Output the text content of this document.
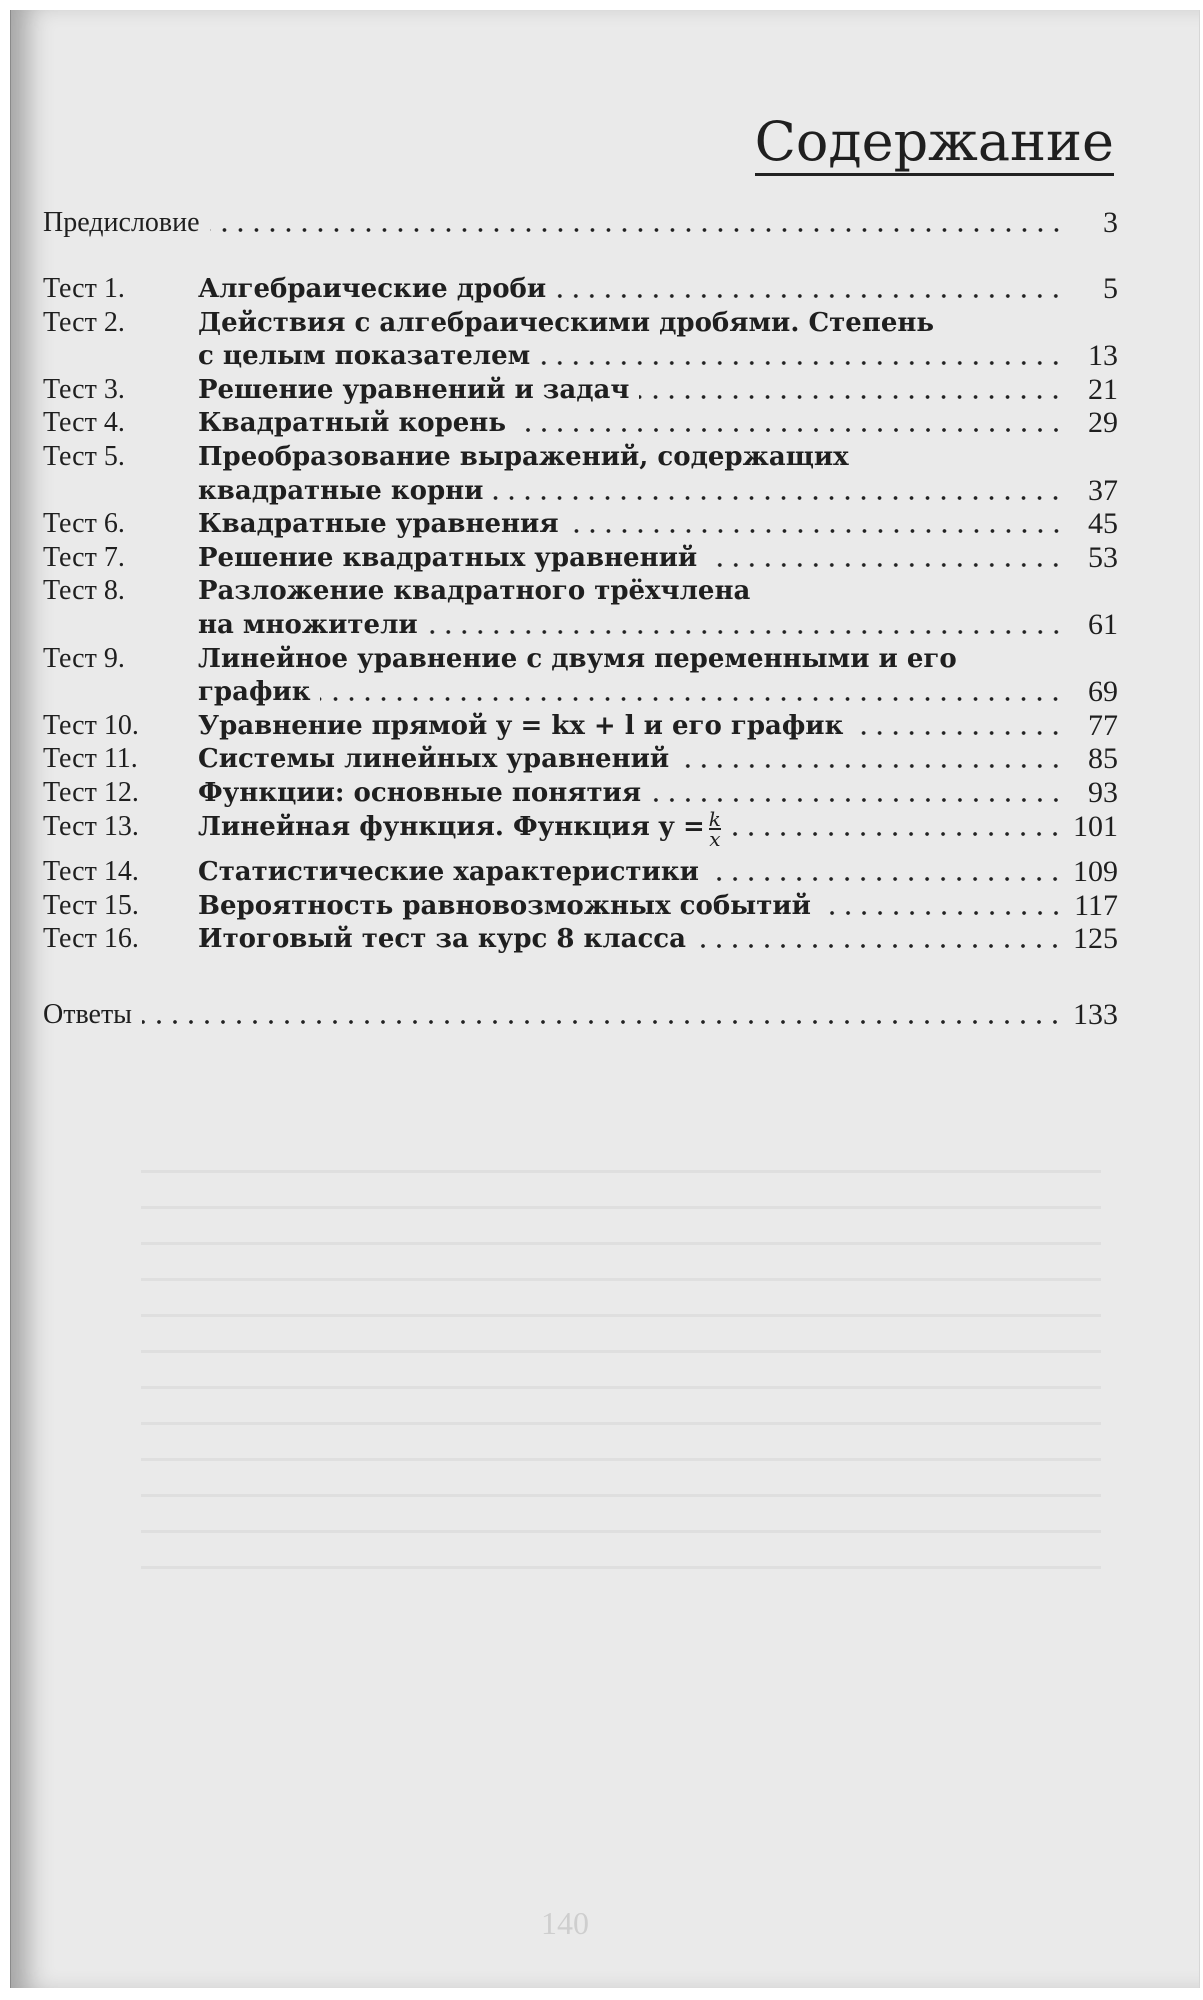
140
Содержание
Предисловие	3
Ответы	133
Тест 1.	Алгебраические дроби	5
Тест 2.	Действия с алгебраическими дробями. Степень
с целым показателем	13
Тест 3.	Решение уравнений и задач	21
Тест 4.	Квадратный корень	29
Тест 5.	Преобразование выражений, содержащих
квадратные корни	37
Тест 6.	Квадратные уравнения	45
Тест 7.	Решение квадратных уравнений	53
Тест 8.	Разложение квадратного трёхчлена
на множители	61
Тест 9.	Линейное уравнение с двумя переменными и его
график	69
Тест 10.	Уравнение прямой y = kx + l и его график	77
Тест 11.	Системы линейных уравнений	85
Тест 12.	Функции: основные понятия	93
Тест 13.	Линейная функция. Функция $y = \frac{k}{x}$	101
Тест 14.	Статистические характеристики	109
Тест 15.	Вероятность равновозможных событий	117
Тест 16.	Итоговый тест за курс 8 класса	125
